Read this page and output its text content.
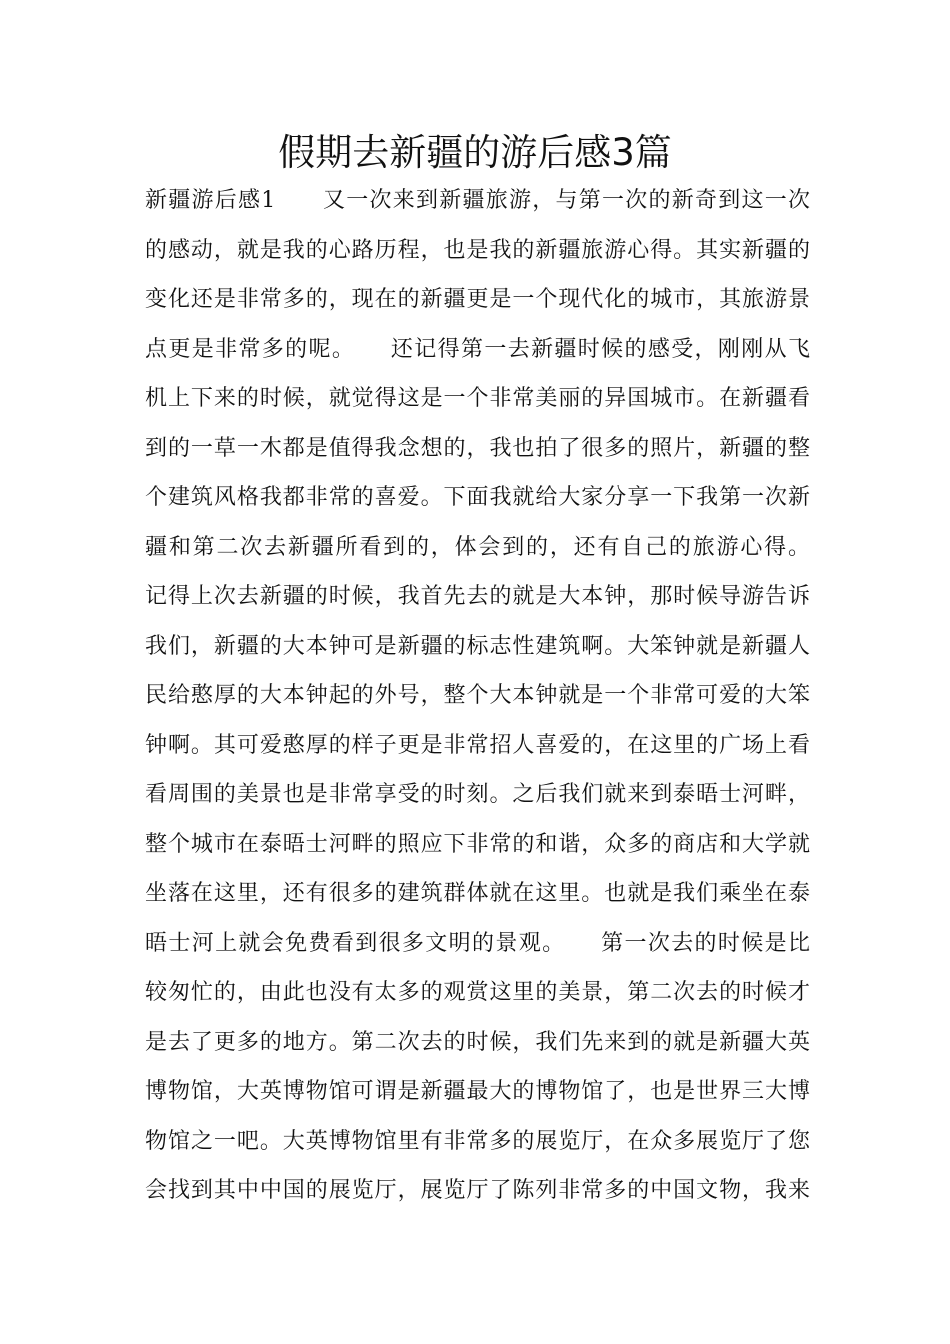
假期去新疆的游后感3篇
新疆游后感1　　又一次来到新疆旅游，与第一次的新奇到这一次
的感动，就是我的心路历程，也是我的新疆旅游心得。其实新疆的
变化还是非常多的，现在的新疆更是一个现代化的城市，其旅游景
点更是非常多的呢。　　还记得第一去新疆时候的感受，刚刚从飞
机上下来的时候，就觉得这是一个非常美丽的异国城市。在新疆看
到的一草一木都是值得我念想的，我也拍了很多的照片，新疆的整
个建筑风格我都非常的喜爱。下面我就给大家分享一下我第一次新
疆和第二次去新疆所看到的，体会到的，还有自己的旅游心得。
记得上次去新疆的时候，我首先去的就是大本钟，那时候导游告诉
我们，新疆的大本钟可是新疆的标志性建筑啊。大笨钟就是新疆人
民给憨厚的大本钟起的外号，整个大本钟就是一个非常可爱的大笨
钟啊。其可爱憨厚的样子更是非常招人喜爱的，在这里的广场上看
看周围的美景也是非常享受的时刻。之后我们就来到泰晤士河畔，
整个城市在泰晤士河畔的照应下非常的和谐，众多的商店和大学就
坐落在这里，还有很多的建筑群体就在这里。也就是我们乘坐在泰
晤士河上就会免费看到很多文明的景观。　　第一次去的时候是比
较匆忙的，由此也没有太多的观赏这里的美景，第二次去的时候才
是去了更多的地方。第二次去的时候，我们先来到的就是新疆大英
博物馆，大英博物馆可谓是新疆最大的博物馆了，也是世界三大博
物馆之一吧。大英博物馆里有非常多的展览厅，在众多展览厅了您
会找到其中中国的展览厅，展览厅了陈列非常多的中国文物，我来
